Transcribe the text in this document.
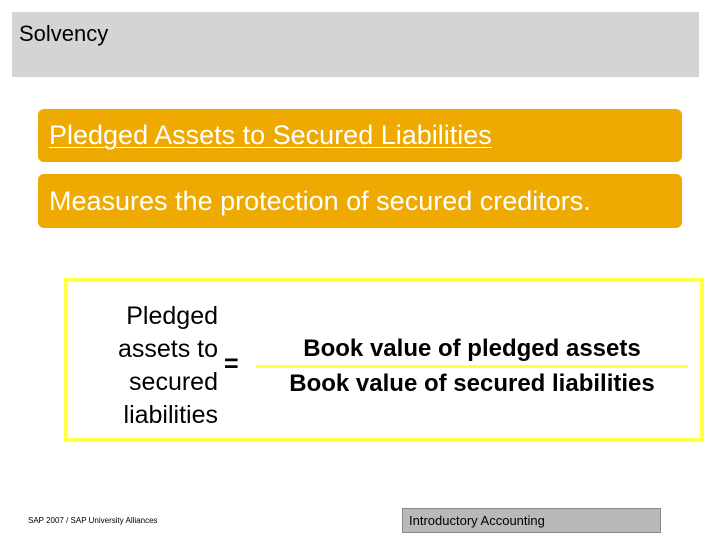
Solvency
Pledged Assets to Secured Liabilities
Measures the protection of secured creditors.
Pledged
assets to
secured
liabilities
=
Book value of pledged assets
Book value of secured liabilities
SAP 2007 / SAP University Alliances	Introductory Accounting
